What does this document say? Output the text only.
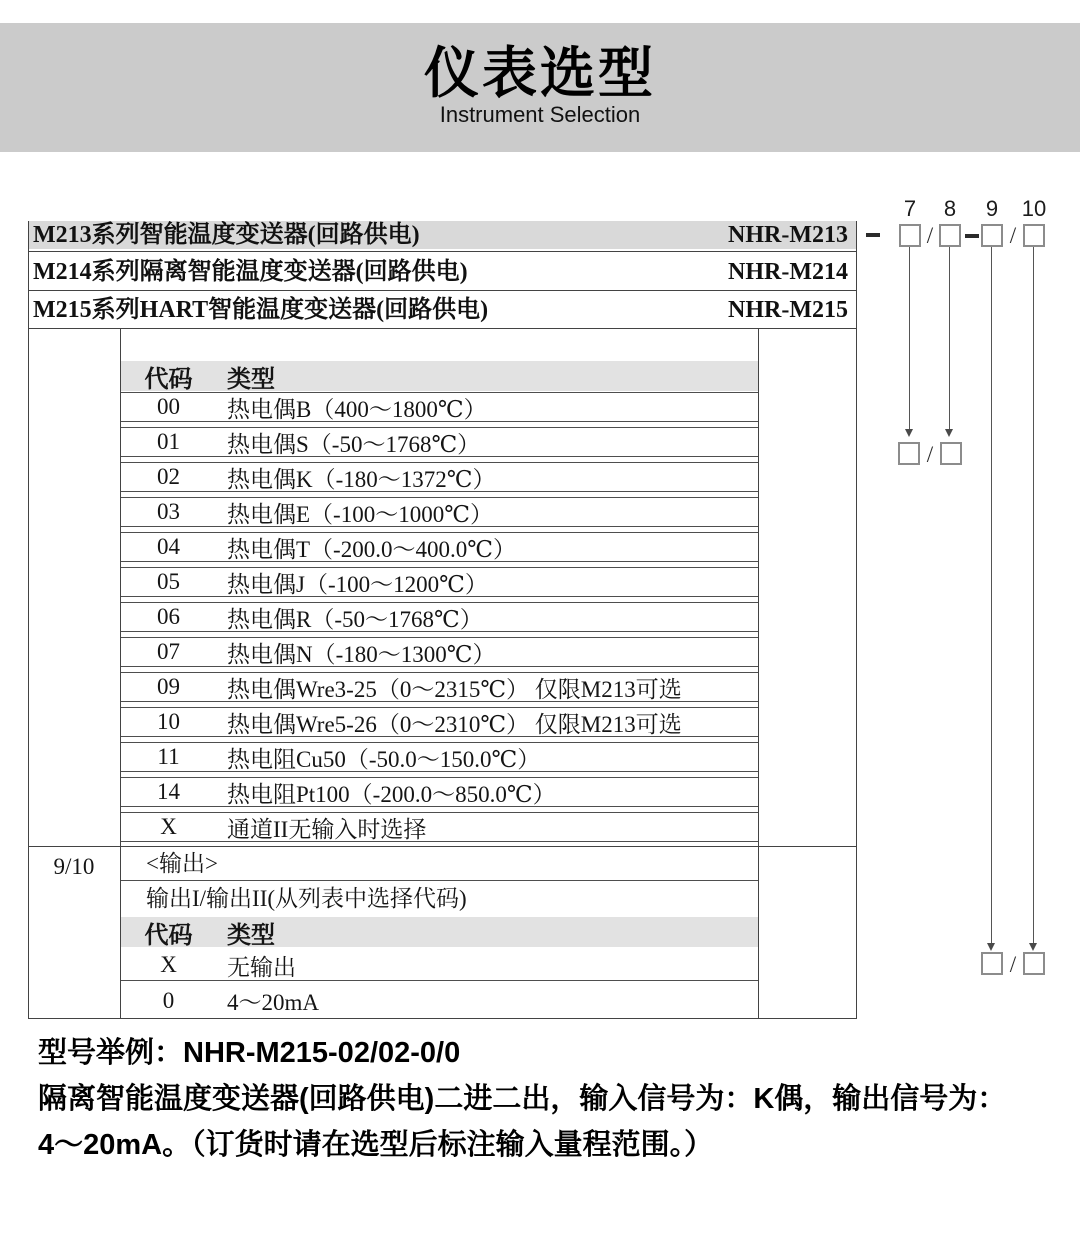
仪表选型
Instrument Selection
7 8 9 10
/	/
/
/
M213系列智能温度变送器(回路供电)	NHR-M213
M214系列隔离智能温度变送器(回路供电)	NHR-M214
M215系列HART智能温度变送器(回路供电)	NHR-M215
代码	类型
00	热电偶B（400～1800℃）
01	热电偶S（-50～1768℃）
02	热电偶K（-180～1372℃）
03	热电偶E（-100～1000℃）
04	热电偶T（-200.0～400.0℃）
05	热电偶J（-100～1200℃）
06	热电偶R（-50～1768℃）
07	热电偶N（-180～1300℃）
09	热电偶Wre3-25（0～2315℃） 仅限M213可选
10	热电偶Wre5-26（0～2310℃） 仅限M213可选
11	热电阻Cu50（-50.0～150.0℃）
14	热电阻Pt100（-200.0～850.0℃）
X	通道II无输入时选择
9/10	<输出>
输出I/输出II(从列表中选择代码)
代码	类型
X	无输出
0	4～20mA
型号举例：NHR-M215-02/02-0/0
隔离智能温度变送器(回路供电)二进二出，输入信号为：K偶，输出信号为：
4～20mA。（订货时请在选型后标注输入量程范围。）
